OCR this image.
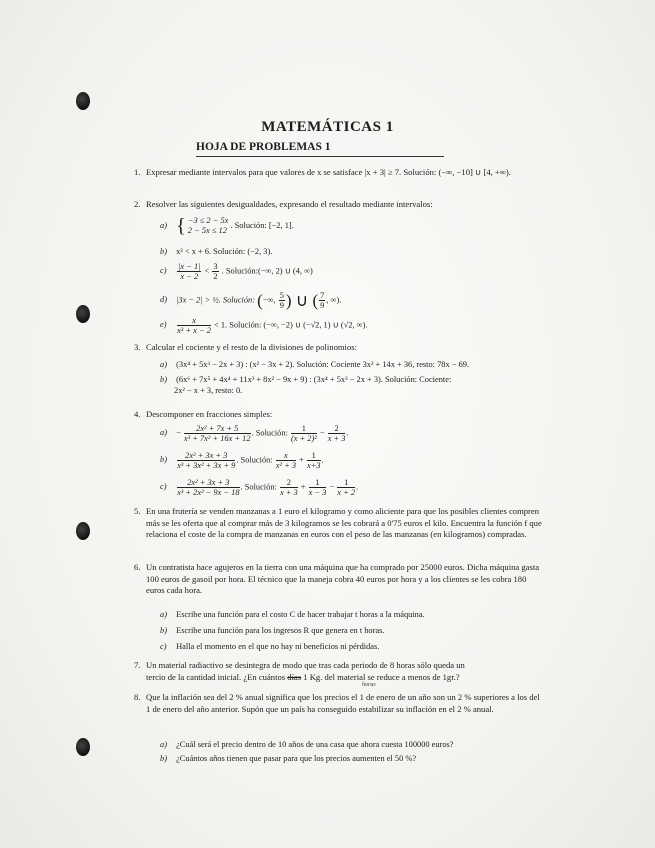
MATEMÁTICAS 1
HOJA DE PROBLEMAS 1
1. Expresar mediante intervalos para que valores de x se satisface |x + 3| ≥ 7. Solución: (−∞, −10] ∪ [4, +∞).
2. Resolver las siguientes desigualdades, expresando el resultado mediante intervalos:
a) { −3 ≤ 2 − 5x
2 − 5x ≤ 12
. Solución: [−2, 1].
b) x² < x + 6. Solución: (−2, 3).
$c) \frac{|x - 1|}{x - 2} < \frac{3}{2}$ . Solución:(−∞, 2) ∪ (4, ∞)
d) |3x − 2| > ½. Solución: (−∞, $\frac{5}{9}$ ) ∪ ( $\frac{7}{9}$ , ∞).
$e) \frac{x}{\text{x³ + x − 2}} < 1$. Solución: (−∞, −2) ∪ (−√2, 1) ∪ (√2, ∞).
3. Calcular el cociente y el resto de la divisiones de polinomios:
a) (3x⁴ + 5x³ − 2x + 3) : (x² − 3x + 2). Solución: Cociente 3x² + 14x + 36, resto: 78x − 69.
b) (6x⁶ + 7x⁵ + 4x⁴ + 11x³ + 8x² − 9x + 9) : (3x⁴ + 5x³ − 2x + 3). Solución: Cociente:
2x² − x + 3, resto: 0.
4. Descomponer en fracciones simples:
$a) - \frac{\text{2x² + 7x + 5}}{\text{x³ + 7x² + 16x + 12}}$ . Solución: $\frac{1}{\text{(x + 2)²}} - \frac{2}{x + 3}$ .
$b) \frac{\text{2x² + 3x + 3}}{\text{x³ + 3x² + 3x + 9}}$ . Solución: $\frac{x}{\text{x² + 3}} + \frac{1}{x+3}$ .
$c) \frac{\text{2x² + 3x + 3}}{\text{x³ + 2x² − 9x − 18}}$ . Solución: $\frac{2}{x + 3} + \frac{1}{x - 3} - \frac{1}{x + 2}$ .
5. En una frutería se venden manzanas a 1 euro el kilogramo y como aliciente para que los posibles clientes compren más se les oferta que al comprar más de 3 kilogramos se les cobrará a 0'75 euros el kilo. Encuentra la función f que relaciona el coste de la compra de manzanas en euros con el peso de las manzanas (en kilogramos) compradas.
6. Un contratista hace agujeros en la tierra con una máquina que ha comprado por 25000 euros. Dicha máquina gasta 100 euros de gasoil por hora. El técnico que la maneja cobra 40 euros por hora y a los clientes se les cobra 180 euros cada hora.
a) Escribe una función para el costo C de hacer trabajar t horas a la máquina.
b) Escribe una función para los ingresos R que genera en t horas.
c) Halla el momento en el que no hay ni beneficios ni pérdidas.
7. Un material radiactivo se desintegra de modo que tras cada periodo de 8 horas sólo queda un
tercio de la cantidad inicial. ¿En cuántos días 1 Kg. del material se reduce a menos de 1gr.?
horas
8. Que la inflación sea del 2 % anual significa que los precios el 1 de enero de un año son un 2 % superiores a los del 1 de enero del año anterior. Supón que un país ha conseguido estabilizar su inflación en el 2 % anual.
a) ¿Cuál será el precio dentro de 10 años de una casa que ahora cuesta 100000 euros?
b) ¿Cuántos años tienen que pasar para que los precios aumenten el 50 %?
